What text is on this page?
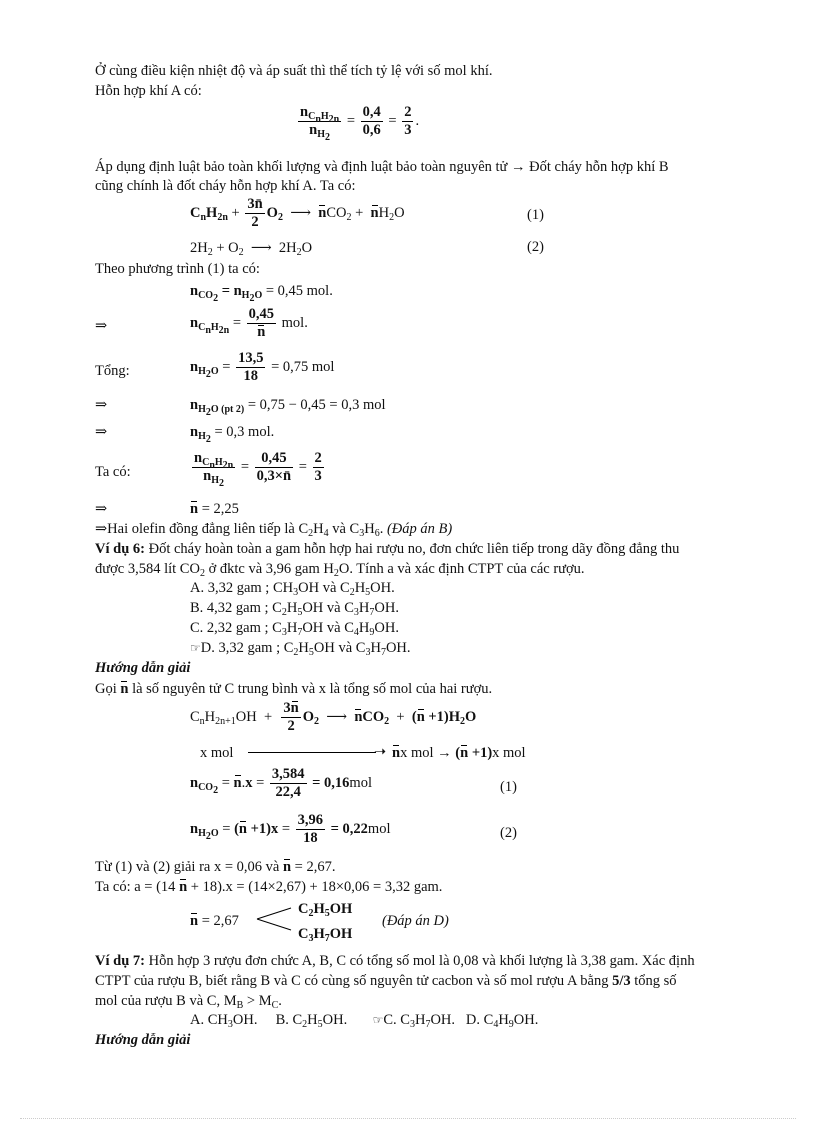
Ở cùng điều kiện nhiệt độ và áp suất thì thể tích tỷ lệ với số mol khí.
Hỗn hợp khí A có:
$\frac{n_{C_nH_{2n}}}{n_{H_2}} = \frac{0,4}{0,6} = \frac{2}{3}$ .
Áp dụng định luật bảo toàn khối lượng và định luật bảo toàn nguyên tử → Đốt cháy hỗn hợp khí B
cũng chính là đốt cháy hỗn hợp khí A. Ta có:
$C_nH_{2n} + \frac{3n̄}{2} O_2$  ⟶  $nCO_2 + nH_2O$	(1)
$2H_2 + O_2$  ⟶  $2H_2O$	(2)
Theo phương trình (1) ta có:
$n_{CO_2} = n_{H_2O} = 0,45$ mol.
⇒	$n_{C_nH_{2n}} = \frac{0,45}{n}$ mol.
Tổng:	$n_{H_2O} = \frac{13,5}{18} = 0,75$ mol
⇒	$n_{H_2O (pt 2)} = 0,75 - 0,45 = 0,3$ mol
⇒	$n_{H_2} = 0,3$ mol.
Ta có:	$\frac{n_{C_nH_{2n}}}{n_{H_2}} = \frac{0,45}{0,3\times n̄} = \frac{2}{3}$
⇒	n = 2,25
⇒Hai olefin đồng đẳng liên tiếp là $C_2H_4$ và $C_3H_6$. (Đáp án B)
Ví dụ 6: Đốt cháy hoàn toàn a gam hỗn hợp hai rượu no, đơn chức liên tiếp trong dãy đồng đẳng thu
được 3,584 lít $CO_2$ ở đktc và 3,96 gam $H_2O$. Tính a và xác định CTPT của các rượu.
A. 3,32 gam ; $CH_3OH$ và $C_2H_5OH$.
B. 4,32 gam ; $C_2H_5OH$ và $C_3H_7OH$.
C. 2,32 gam ; $C_3H_7OH$ và $C_4H_9OH$.
☞D. 3,32 gam ; $C_2H_5OH$ và $C_3H_7OH$.
Hướng dẫn giải
Gọi n là số nguyên tử C trung bình và x là tổng số mol của hai rượu.
$C_nH_{2n+1}OH + \frac{3n}{2} O_2$  ⟶  $nCO_2 + (n +1)H_2O$
x mol	➝ nx mol → (n +1)x mol
$n_{CO_2} = n.x = \frac{3,584}{22,4} = 0,16mol$	(1)
$n_{H_2O} = (n +1)x = \frac{3,96}{18} = 0,22mol$	(2)
Từ (1) và (2) giải ra x = 0,06 và n = 2,67.
Ta có: a = (14 n + 18).x = (14×2,67) + 18×0,06 = 3,32 gam.
n = 2,67
$C_2H_5OH$
$C_3H_7OH$
(Đáp án D)
Ví dụ 7: Hỗn hợp 3 rượu đơn chức A, B, C có tổng số mol là 0,08 và khối lượng là 3,38 gam. Xác định
CTPT của rượu B, biết rằng B và C có cùng số nguyên tử cacbon và số mol rượu A bằng 5/3 tổng số
mol của rượu B và C, $M_B > M_C$.
A. $CH_3OH$.     B. $C_2H_5OH$.       ☞C. $C_3H_7OH$.   D. $C_4H_9OH$.
Hướng dẫn giải
